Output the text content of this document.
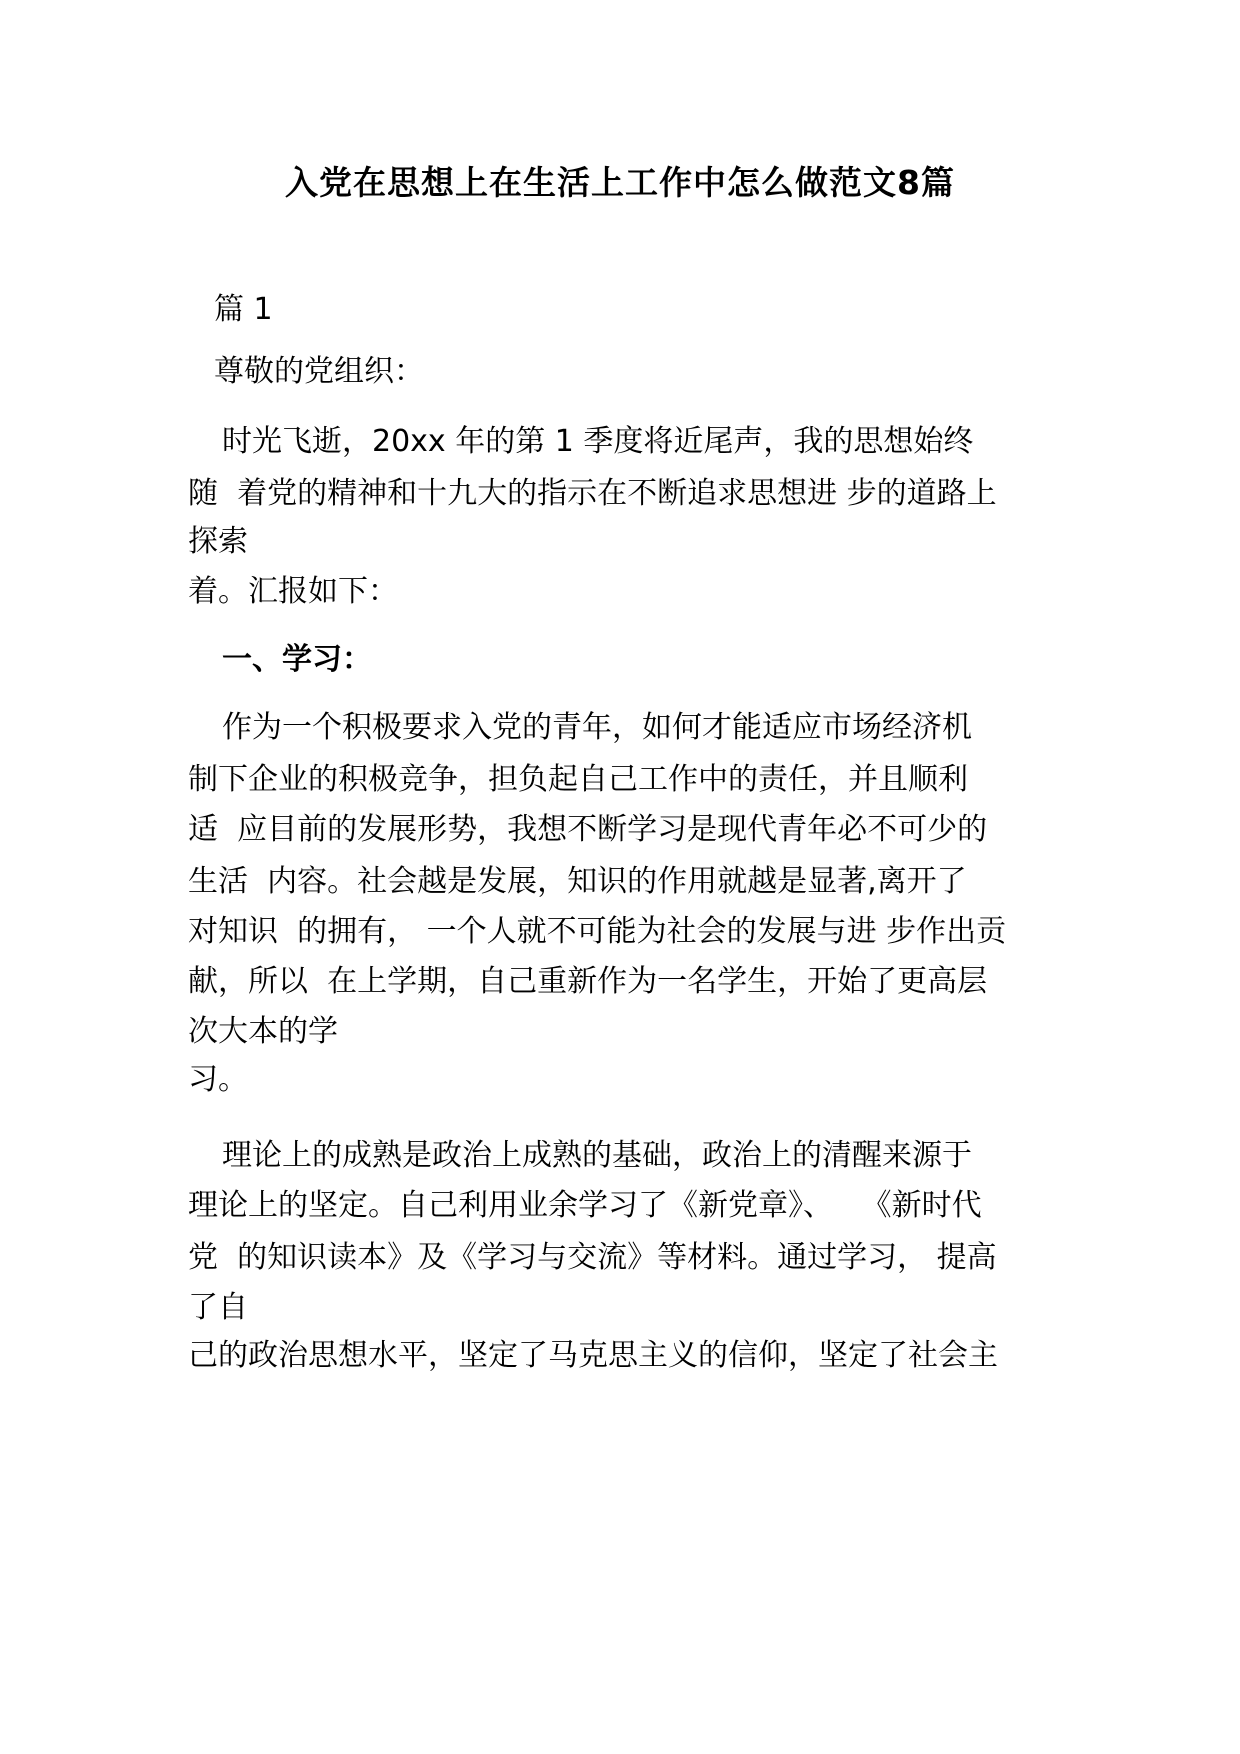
入党在思想上在生活上工作中怎么做范文8篇

篇 1

尊敬的党组织：

时光飞逝，20xx 年的第 1 季度将近尾声，我的思想始终

随  着党的精神和十九大的指示在不断追求思想进 步的道路上

探索

着。汇报如下：

一、学习：

作为一个积极要求入党的青年，如何才能适应市场经济机

制下企业的积极竞争，担负起自己工作中的责任，并且顺利

适  应目前的发展形势，我想不断学习是现代青年必不可少的

生活  内容。社会越是发展，知识的作用就越是显著,离开了

对知识  的拥有， 一个人就不可能为社会的发展与进 步作出贡

献，所以  在上学期，自己重新作为一名学生，开始了更高层

次大本的学

习。

理论上的成熟是政治上成熟的基础，政治上的清醒来源于

理论上的坚定。自己利用业余学习了《新党章》、   《新时代

党  的知识读本》及《学习与交流》等材料。通过学习， 提高

了自

己的政治思想水平，坚定了马克思主义的信仰，坚定了社会主
